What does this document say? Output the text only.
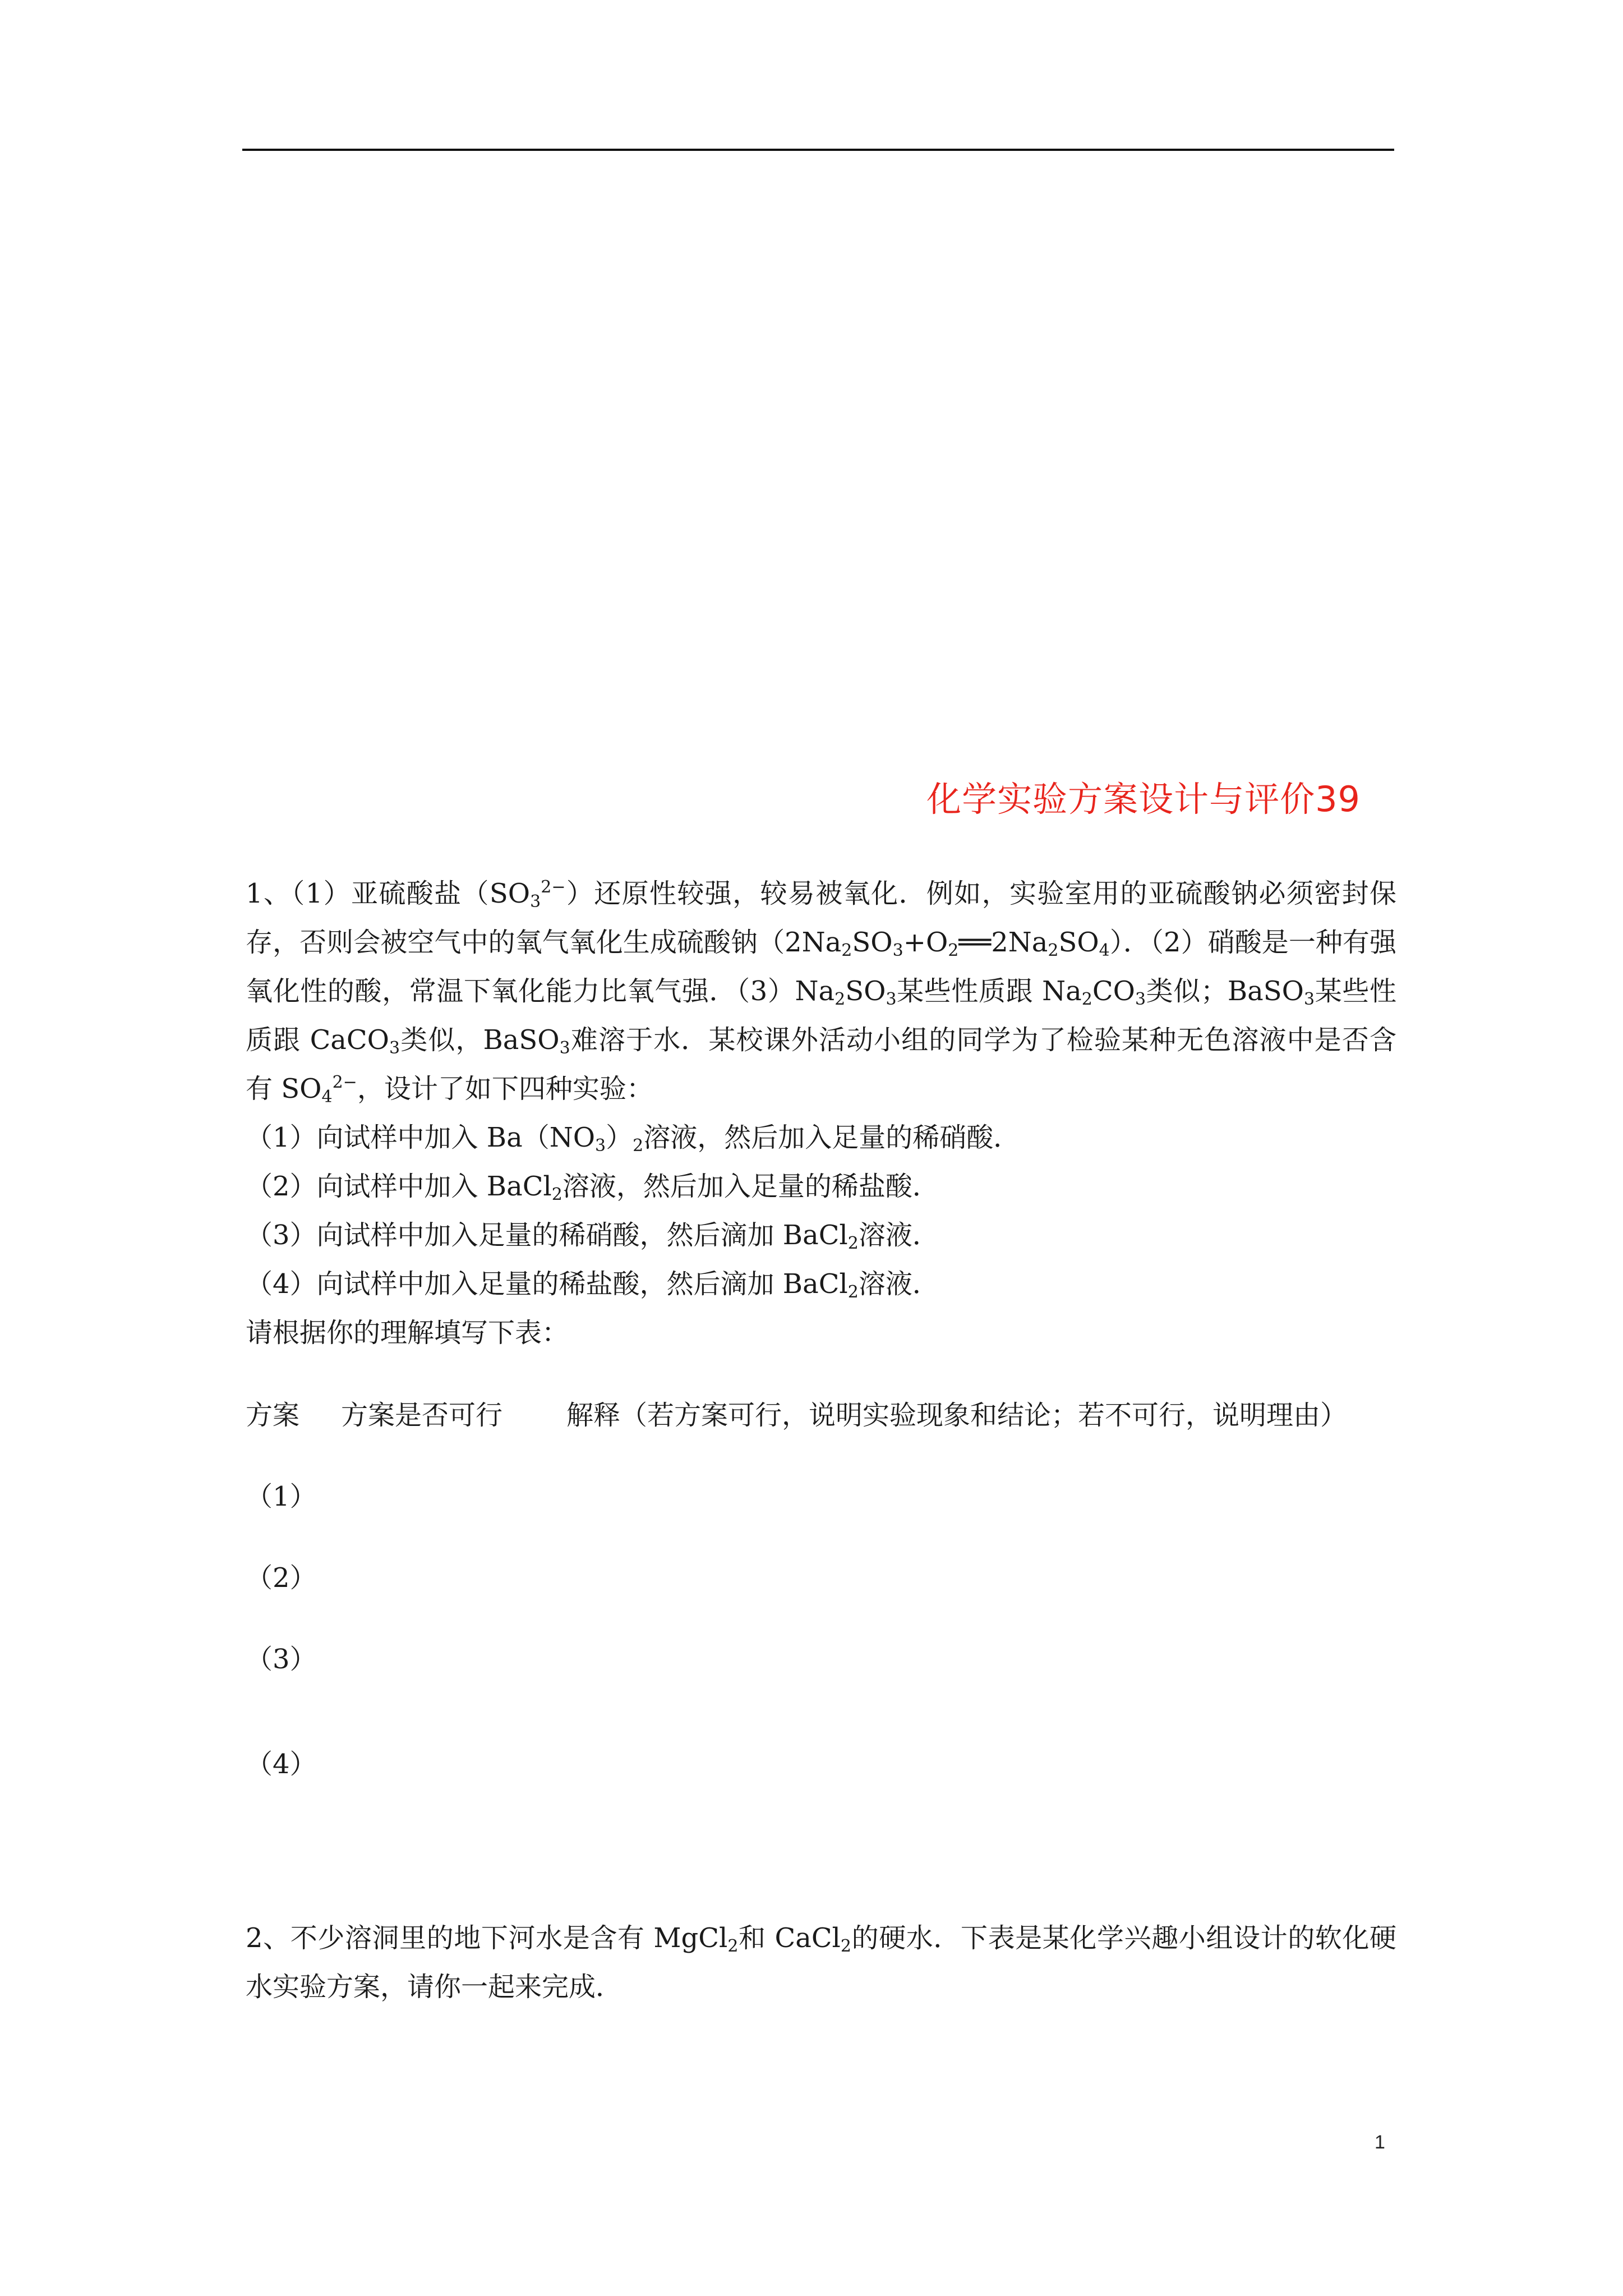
化学实验方案设计与评价39

1、（1）亚硫酸盐$(SO_3^{2-})$还原性较强，较易被氧化．例如，实验室用的亚硫酸钠必须密封保存，否则会被空气中的氧气氧化生成硫酸钠$(2Na_2SO_3+O_2══2Na_2SO_4)$．（2）硝酸是一种有强氧化性的酸，常温下氧化能力比氧气强．$(3)Na_2SO_3$某些性质跟 $Na_2CO_3$类似；BaSO$_3$某些性质跟 CaCO$_3$类似，BaSO$_3$难溶于水．某校课外活动小组的同学为了检验某种无色溶液中是否含有 $SO_4^{2-}$，设计了如下四种实验：

（1）向试样中加入 $Ba(NO_3)_2$溶液，然后加入足量的稀硝酸．

（2）向试样中加入 BaCl$_2$溶液，然后加入足量的稀盐酸．

（3）向试样中加入足量的稀硝酸，然后滴加 BaCl$_2$溶液．

（4）向试样中加入足量的稀盐酸，然后滴加 BaCl$_2$溶液．

请根据你的理解填写下表：

方案	方案是否可行	解释（若方案可行，说明实验现象和结论；若不可行，说明理由）

（1）

（2）

（3）

（4）

2、不少溶洞里的地下河水是含有 MgCl$_2$和 CaCl$_2$的硬水．下表是某化学兴趣小组设计的软化硬水实验方案，请你一起来完成．

1
